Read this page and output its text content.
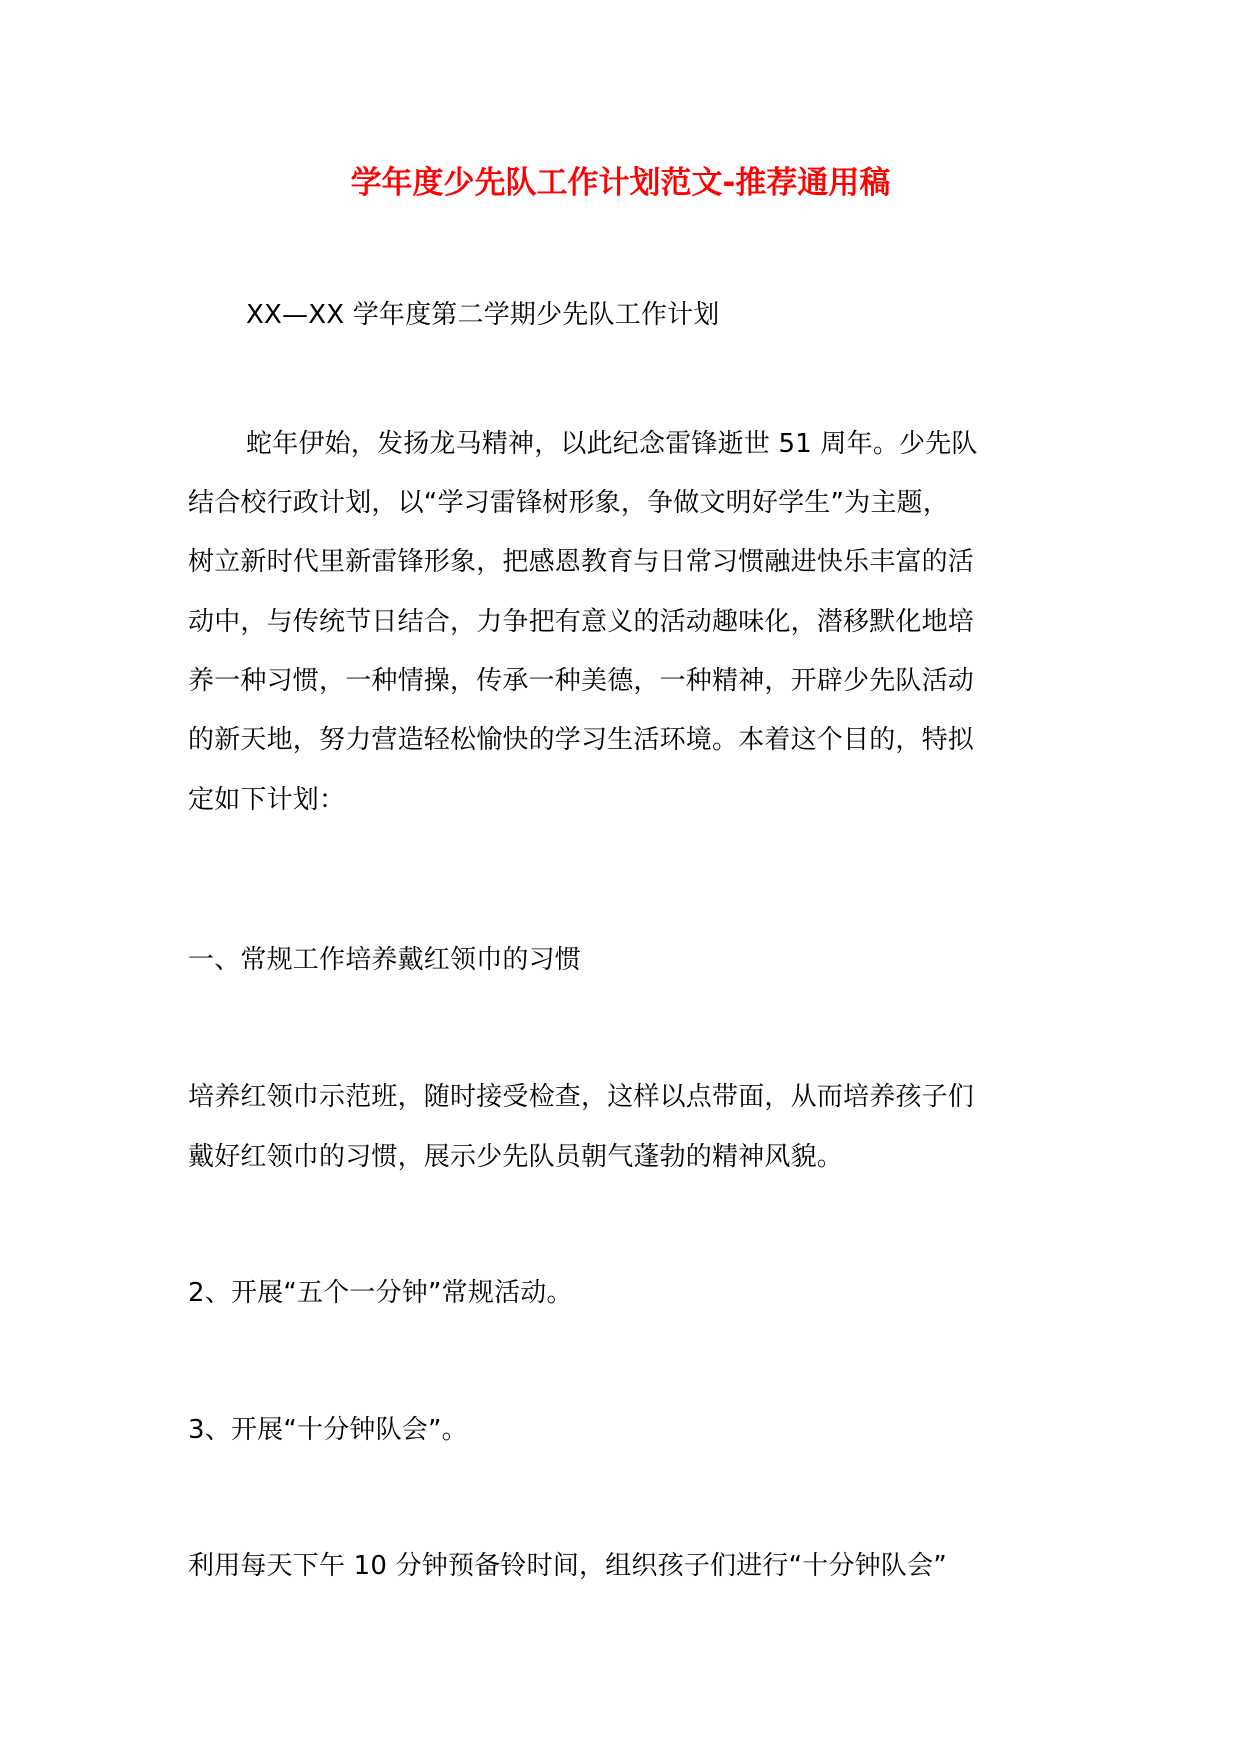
学年度少先队工作计划范文-推荐通用稿
XX—XX 学年度第二学期少先队工作计划
蛇年伊始，发扬龙马精神，以此纪念雷锋逝世 51 周年。少先队
结合校行政计划，以“学习雷锋树形象，争做文明好学生”为主题，
树立新时代里新雷锋形象，把感恩教育与日常习惯融进快乐丰富的活
动中，与传统节日结合，力争把有意义的活动趣味化，潜移默化地培
养一种习惯，一种情操，传承一种美德，一种精神，开辟少先队活动
的新天地，努力营造轻松愉快的学习生活环境。本着这个目的，特拟
定如下计划：
一、常规工作培养戴红领巾的习惯
培养红领巾示范班，随时接受检查，这样以点带面，从而培养孩子们
戴好红领巾的习惯，展示少先队员朝气蓬勃的精神风貌。
2、开展“五个一分钟”常规活动。
3、开展“十分钟队会”。
利用每天下午 10 分钟预备铃时间，组织孩子们进行“十分钟队会”
